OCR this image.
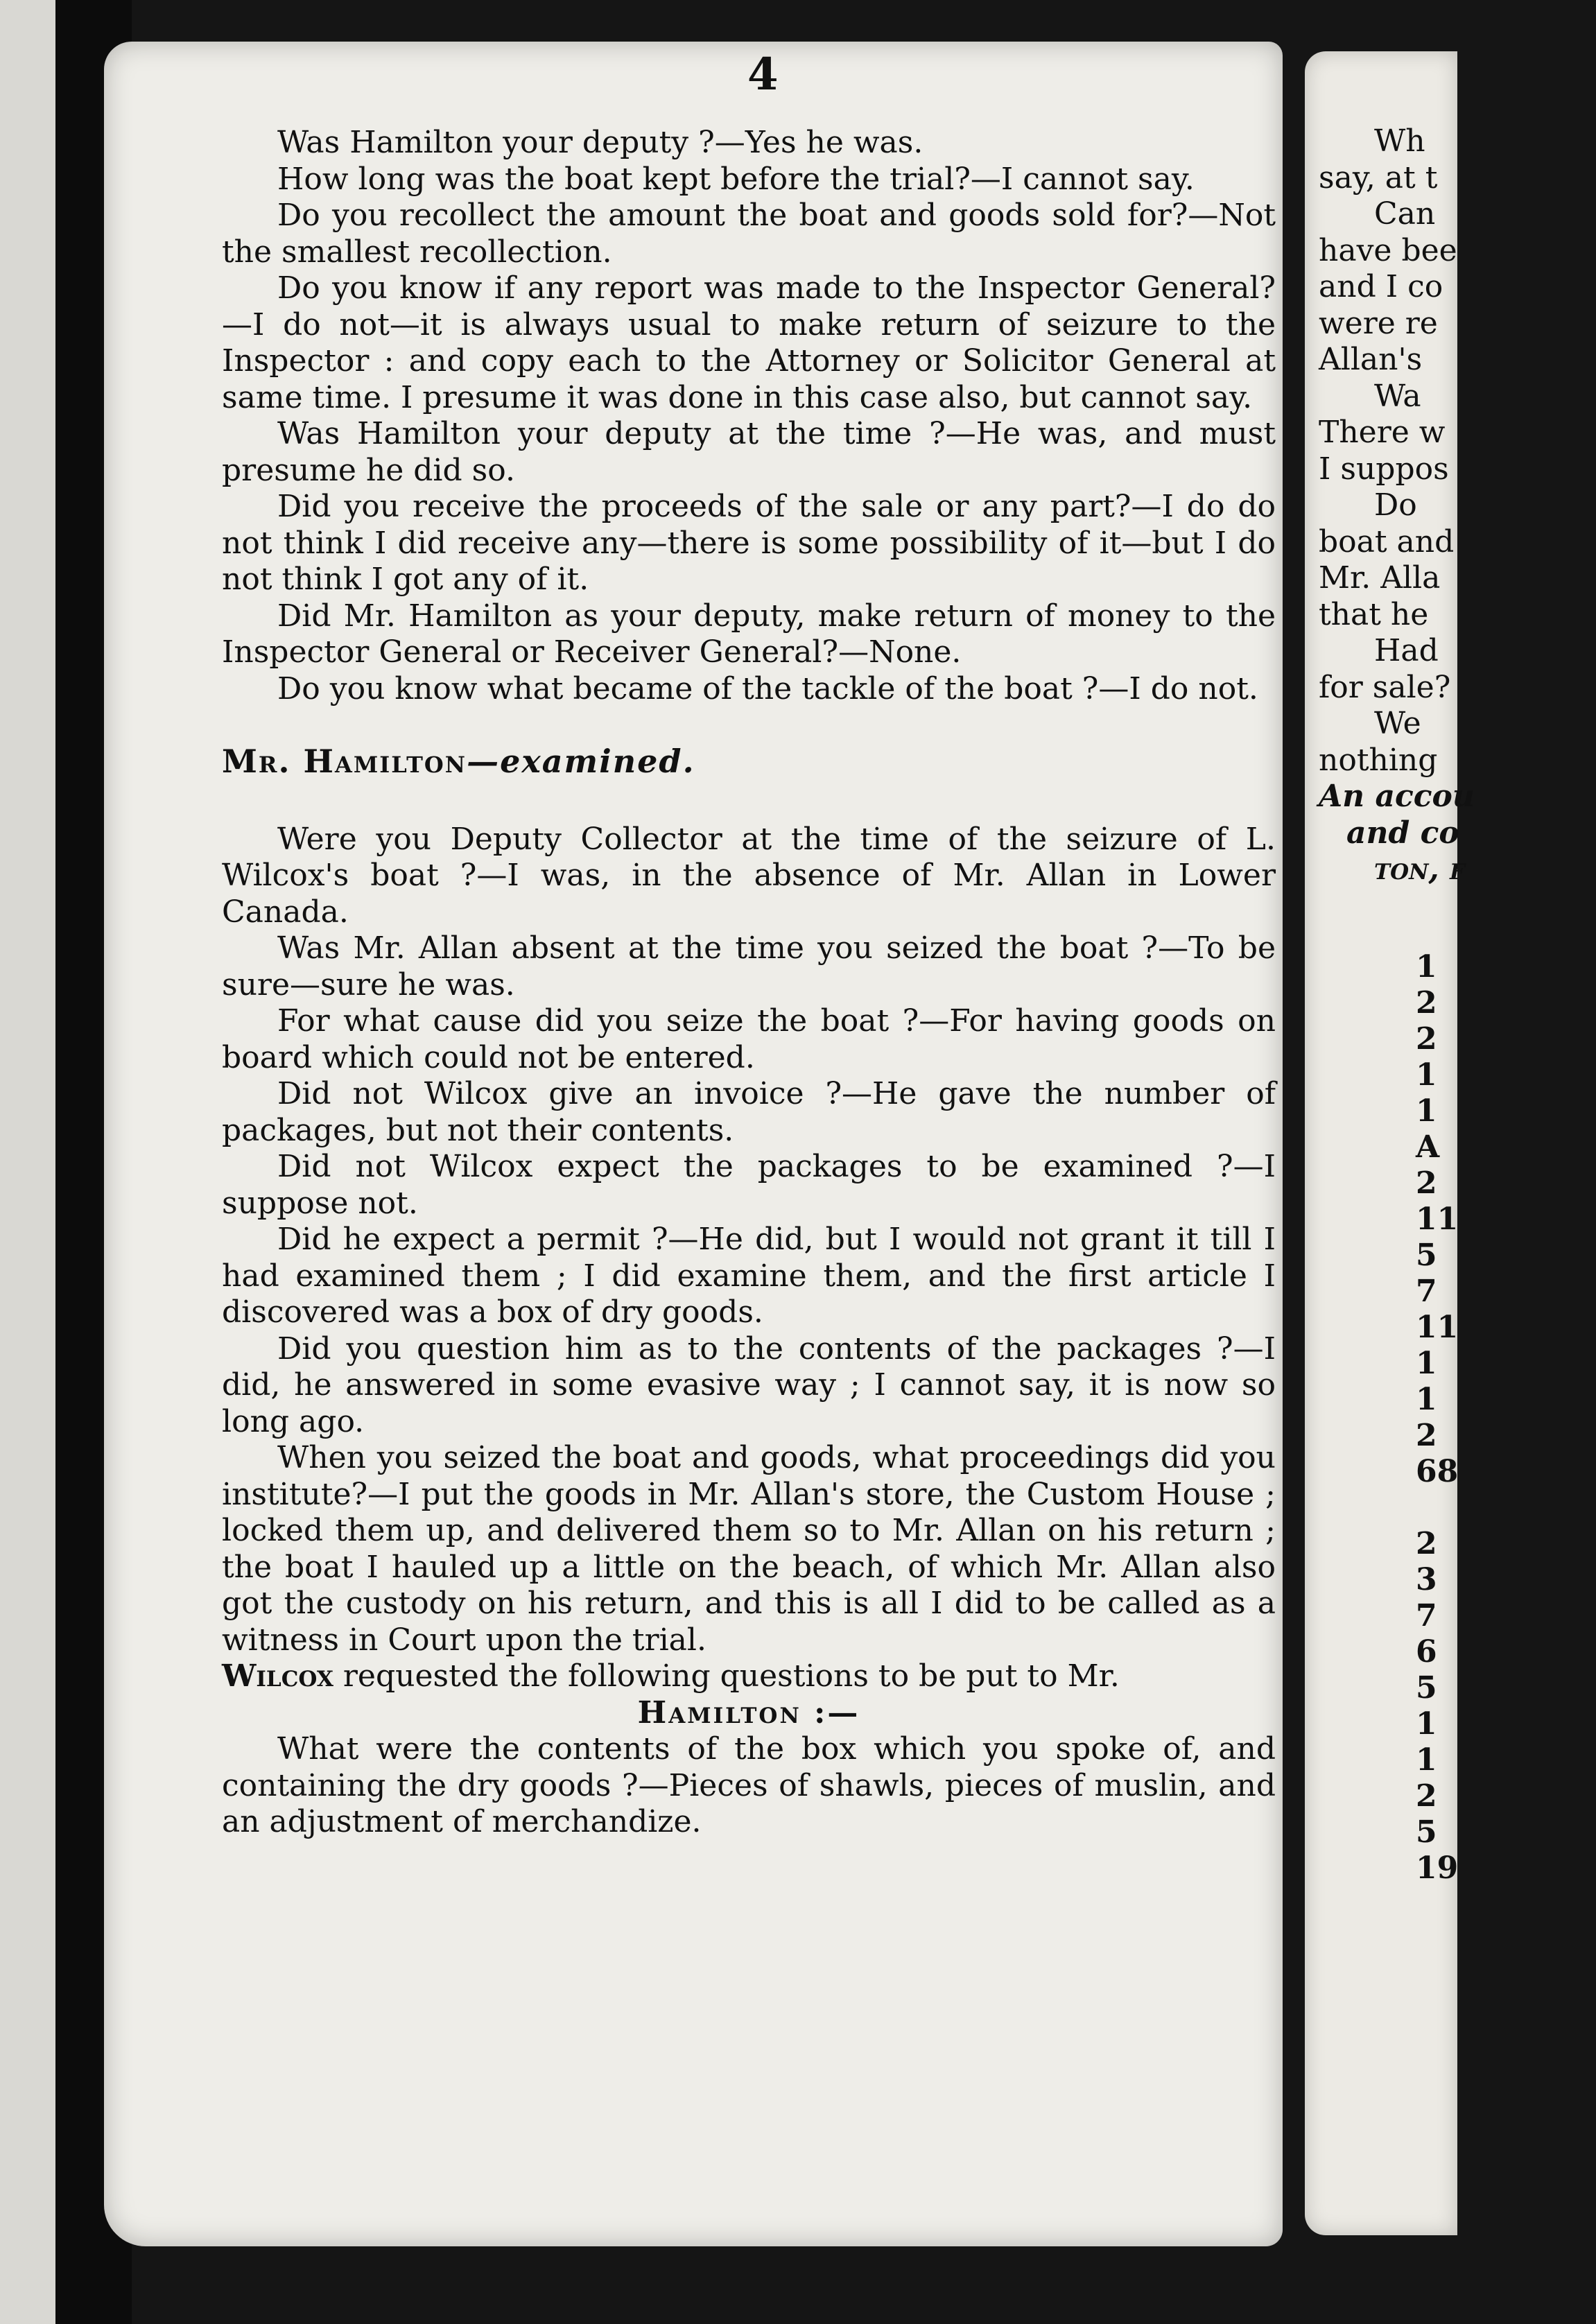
4

Was Hamilton your deputy ?—Yes he was.

How long was the boat kept before the trial?—I cannot say.

Do you recollect the amount the boat and goods sold for?—Not the smallest recollection.

Do you know if any report was made to the Inspector General?—I do not—it is always usual to make return of seizure to the Inspector : and copy each to the Attorney or Solicitor General at same time. I presume it was done in this case also, but cannot say.

Was Hamilton your deputy at the time ?—He was, and must presume he did so.

Did you receive the proceeds of the sale or any part?—I do do not think I did receive any—there is some possibility of it—but I do not think I got any of it.

Did Mr. Hamilton as your deputy, make return of money to the Inspector General or Receiver General?—None.

Do you know what became of the tackle of the boat ?—I do not.

Mr. Hamilton—examined.

Were you Deputy Collector at the time of the seizure of L. Wilcox's boat ?—I was, in the absence of Mr. Allan in Lower Canada.

Was Mr. Allan absent at the time you seized the boat ?—To be sure—sure he was.

For what cause did you seize the boat ?—For having goods on board which could not be entered.

Did not Wilcox give an invoice ?—He gave the number of packages, but not their contents.

Did not Wilcox expect the packages to be examined ?—I suppose not.

Did he expect a permit ?—He did, but I would not grant it till I had examined them ; I did examine them, and the first article I discovered was a box of dry goods.

Did you question him as to the contents of the packages ?—I did, he answered in some evasive way ; I cannot say, it is now so long ago.

When you seized the boat and goods, what proceedings did you institute?—I put the goods in Mr. Allan's store, the Custom House ; locked them up, and delivered them so to Mr. Allan on his return ; the boat I hauled up a little on the beach, of which Mr. Allan also got the custody on his return, and this is all I did to be called as a witness in Court upon the trial.

Wilcox requested the following questions to be put to Mr.

Hamilton :—

What were the contents of the box which you spoke of, and containing the dry goods ?—Pieces of shawls, pieces of muslin, and an adjustment of merchandize.

Wh
say, at t
Can
have bee
and I co
were re
Allan's
Wa
There w
I suppos
Do
boat and
Mr. Alla
that he
Had
for sale?
We
nothing
An accou
and co
ton, f
1
2
2
1
1
A
2
11
5
7
11
1
1
2
68

2
3
7
6
5
1
1
2
5
19
